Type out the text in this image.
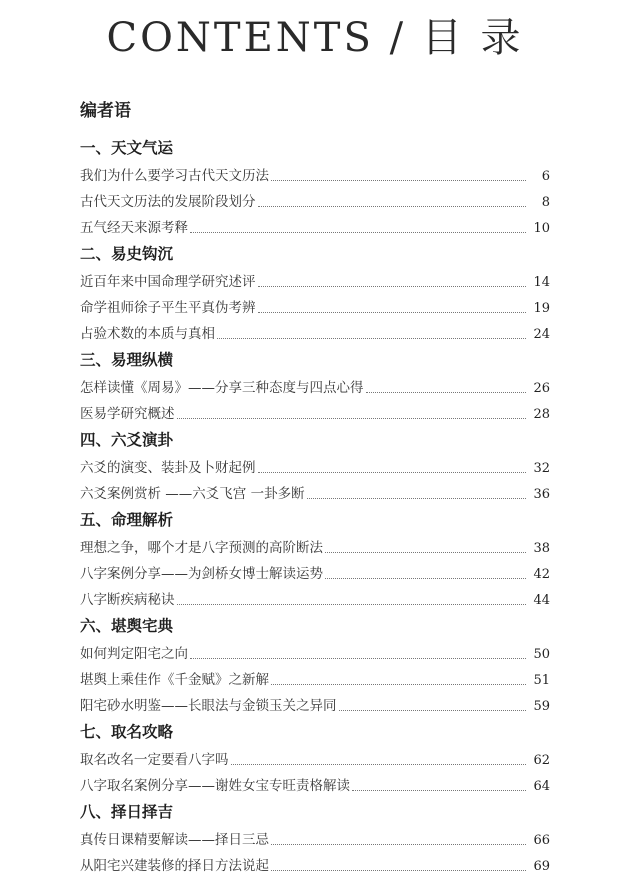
CONTENTS / 目 录
编者语
一、天文气运
我们为什么要学习古代天文历法	6
古代天文历法的发展阶段划分	8
五气经天来源考释	10
二、易史钩沉
近百年来中国命理学研究述评	14
命学祖师徐子平生平真伪考辨	19
占验术数的本质与真相	24
三、易理纵横
怎样读懂《周易》——分享三种态度与四点心得	26
医易学研究概述	28
四、六爻演卦
六爻的演变、装卦及卜财起例	32
六爻案例赏析 ——六爻飞宫 一卦多断	36
五、命理解析
理想之争，哪个才是八字预测的高阶断法	38
八字案例分享——为剑桥女博士解读运势	42
八字断疾病秘诀	44
六、堪舆宅典
如何判定阳宅之向	50
堪舆上乘佳作《千金赋》之新解	51
阳宅砂水明鉴——长眼法与金锁玉关之异同	59
七、取名攻略
取名改名一定要看八字吗	62
八字取名案例分享——谢姓女宝专旺责格解读	64
八、择日择吉
真传日课精要解读——择日三忌	66
从阳宅兴建装修的择日方法说起	69
